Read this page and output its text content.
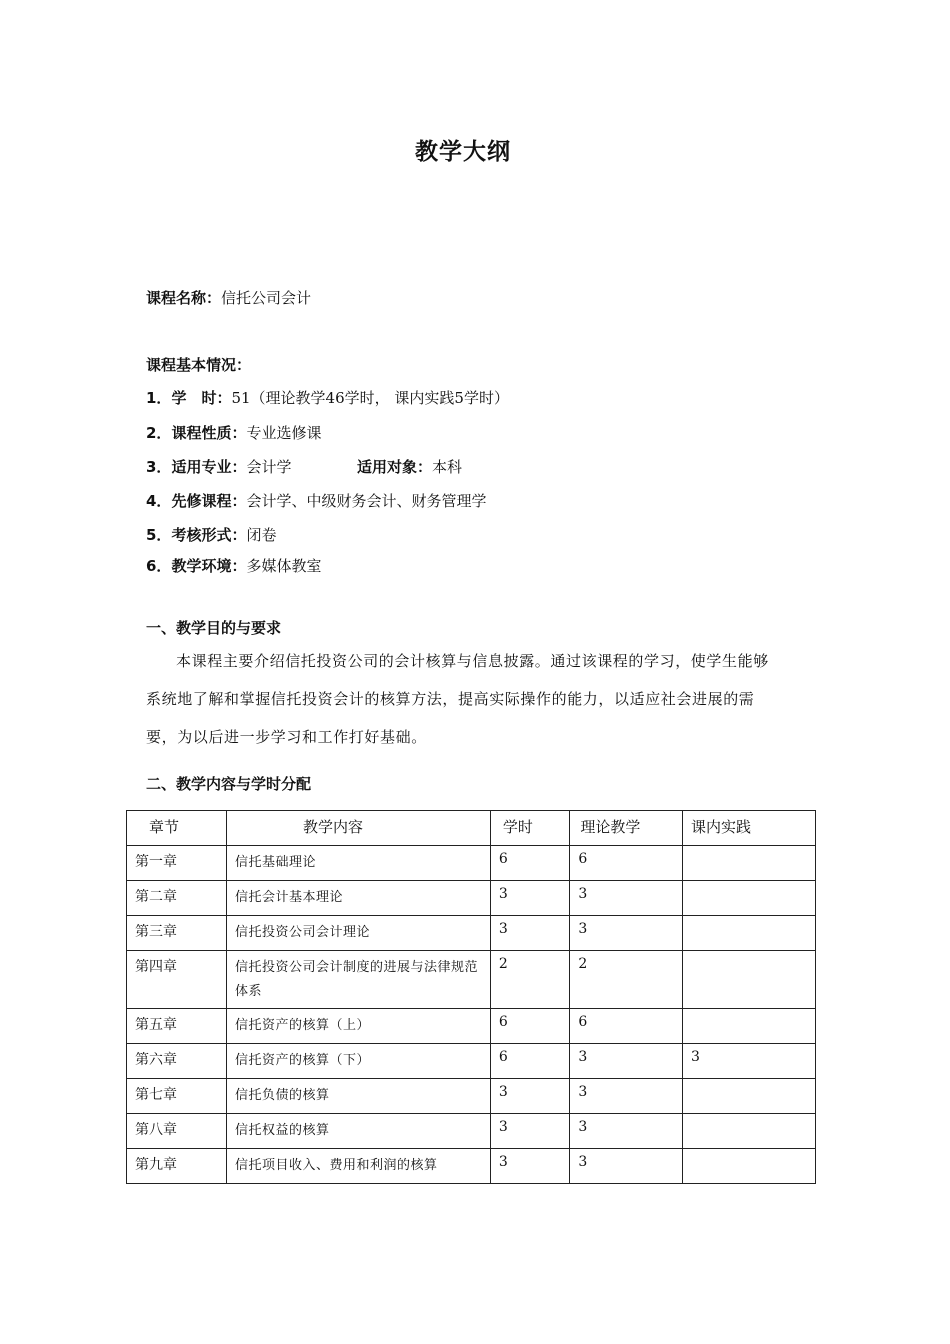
教学大纲
课程名称：信托公司会计
课程基本情况：
1．学　时：51（理论教学46学时， 课内实践5学时）
2．课程性质：专业选修课
3．适用专业：会计学	适用对象：本科
4．先修课程：会计学、中级财务会计、财务管理学
5．考核形式：闭卷
6．教学环境：多媒体教室
一、教学目的与要求
本课程主要介绍信托投资公司的会计核算与信息披露。通过该课程的学习，使学生能够系统地了解和掌握信托投资会计的核算方法，提高实际操作的能力，以适应社会进展的需要，为以后进一步学习和工作打好基础。
二、教学内容与学时分配
章节	教学内容	学时	理论教学	课内实践
第一章	信托基础理论	6	6	
第二章	信托会计基本理论	3	3	
第三章	信托投资公司会计理论	3	3	
第四章	信托投资公司会计制度的进展与法律规范体系	2	2	
第五章	信托资产的核算（上）	6	6	
第六章	信托资产的核算（下）	6	3	3
第七章	信托负债的核算	3	3	
第八章	信托权益的核算	3	3	
第九章	信托项目收入、费用和利润的核算	3	3	
